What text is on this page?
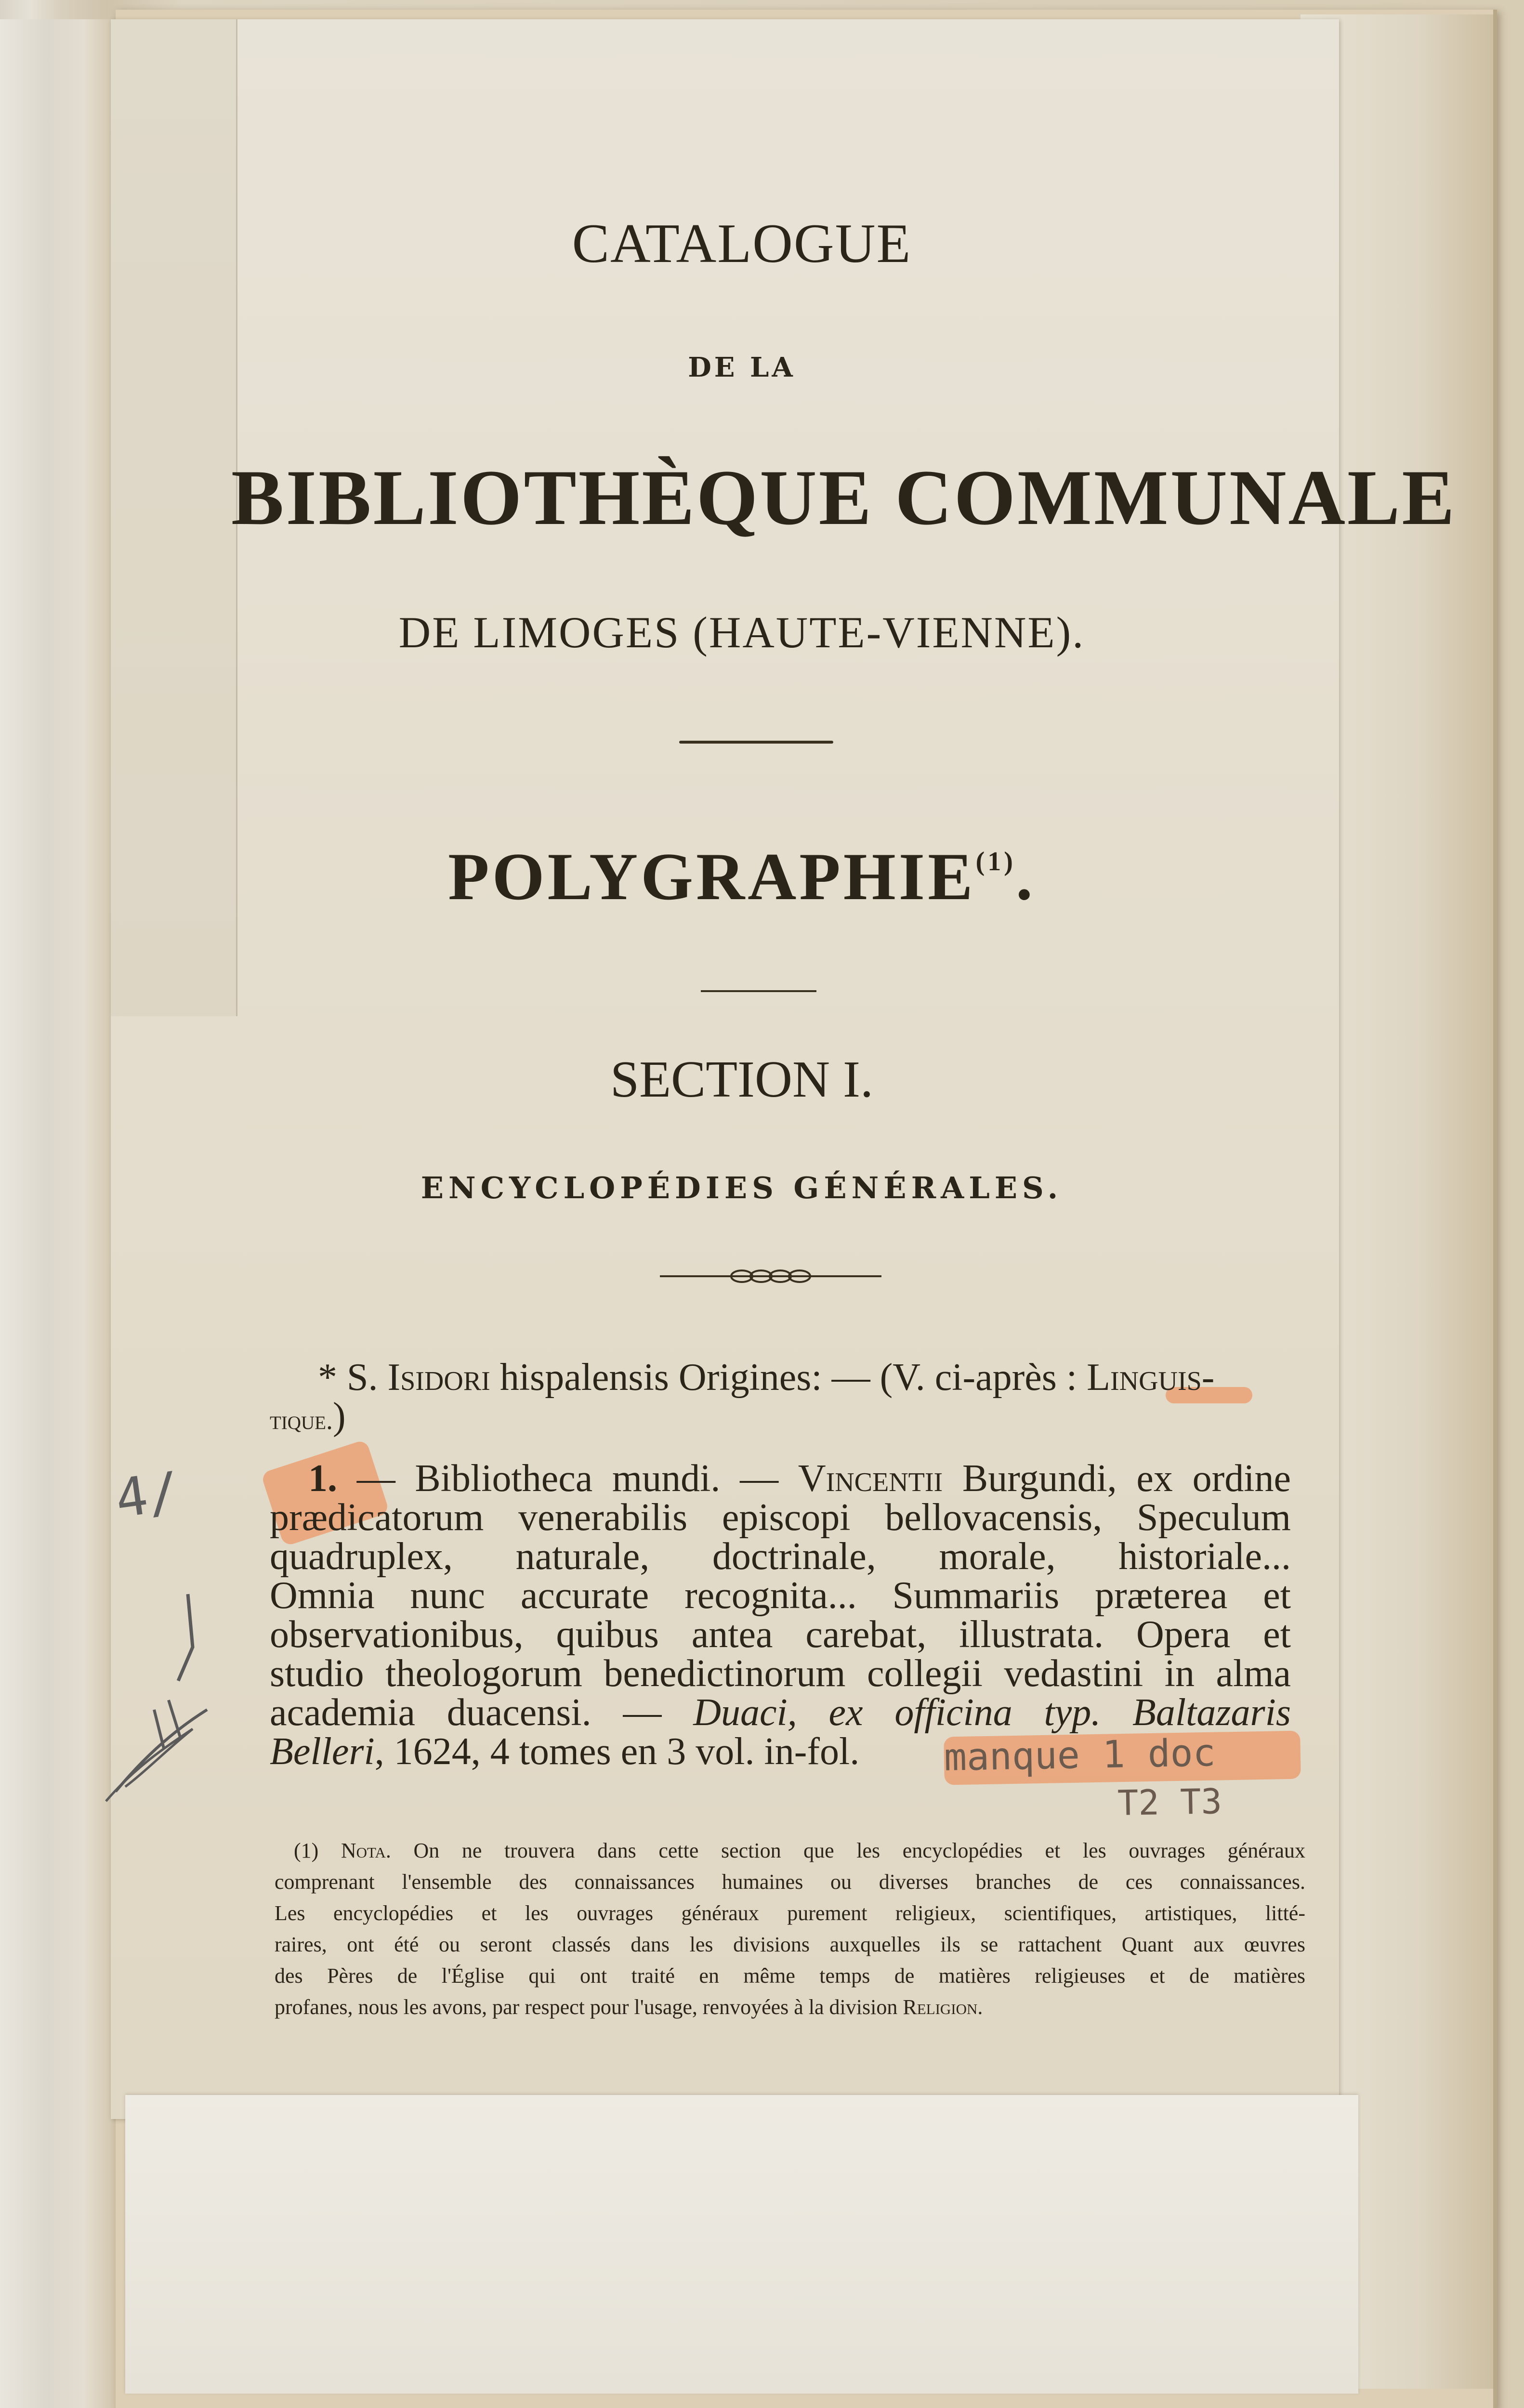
CATALOGUE
DE LA
BIBLIOTHÈQUE COMMUNALE
DE LIMOGES (HAUTE-VIENNE).
POLYGRAPHIE$^{(1)}$.
SECTION I.
ENCYCLOPÉDIES GÉNÉRALES.
* S. Isidori hispalensis Origines: — (V. ci-après : Linguis-
tique.)
1. — Bibliotheca mundi. — Vincentii Burgundi, ex ordine
prædicatorum venerabilis episcopi bellovacensis, Speculum
quadruplex, naturale, doctrinale, morale, historiale...
Omnia nunc accurate recognita... Summariis præterea et
observationibus, quibus antea carebat, illustrata. Opera et
studio theologorum benedictinorum collegii vedastini in alma
academia duacensi. — Duaci, ex officina typ. Baltazaris
Belleri, 1624, 4 tomes en 3 vol. in-fol.	manque 1 doc
T2 T3
4/
(1) Nota. On ne trouvera dans cette section que les encyclopédies et les ouvrages généraux
comprenant l'ensemble des connaissances humaines ou diverses branches de ces connaissances.
Les encyclopédies et les ouvrages généraux purement religieux, scientifiques, artistiques, litté-
raires, ont été ou seront classés dans les divisions auxquelles ils se rattachent Quant aux œuvres
des Pères de l'Église qui ont traité en même temps de matières religieuses et de matières
profanes, nous les avons, par respect pour l'usage, renvoyées à la division Religion.
